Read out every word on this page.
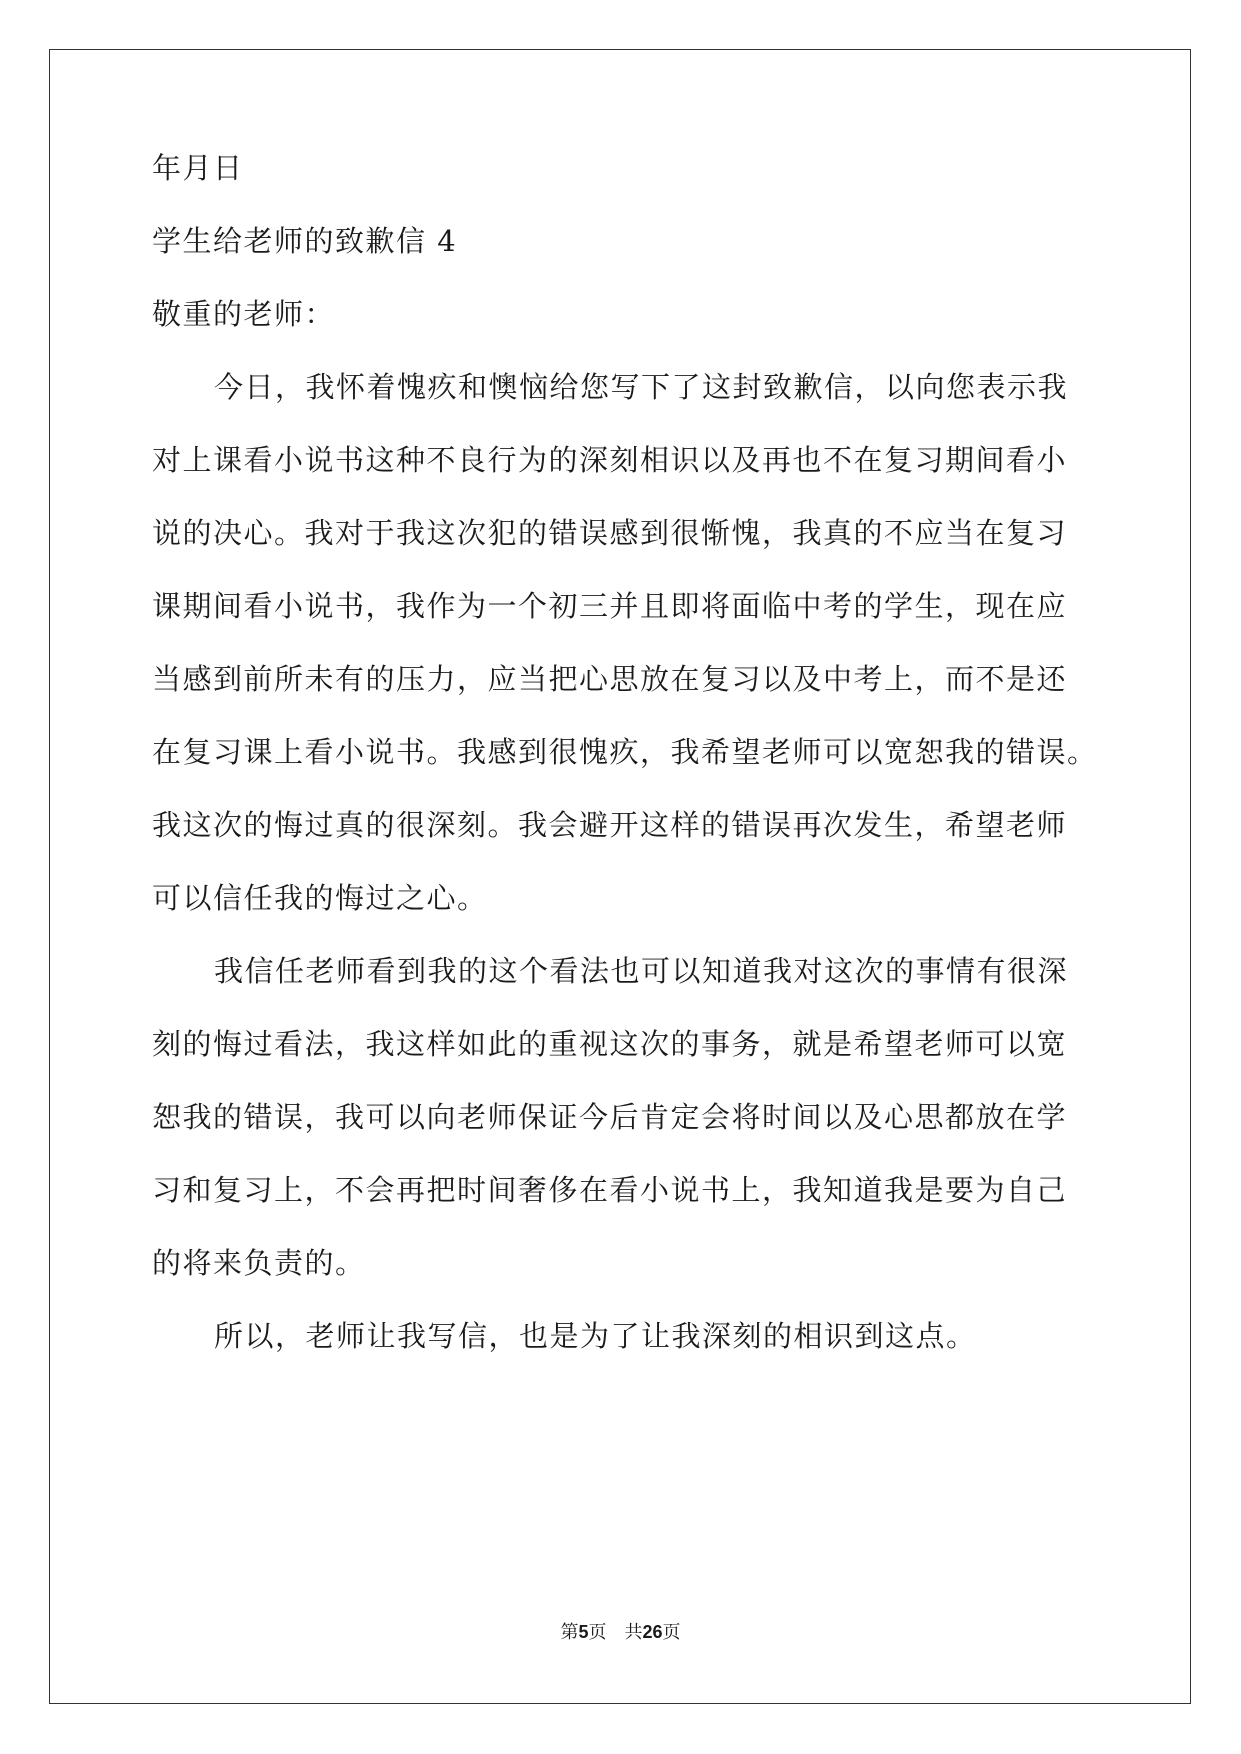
年月日

学生给老师的致歉信 4

敬重的老师：

今日，我怀着愧疚和懊恼给您写下了这封致歉信，以向您表示我

对上课看小说书这种不良行为的深刻相识以及再也不在复习期间看小

说的决心。我对于我这次犯的错误感到很惭愧，我真的不应当在复习

课期间看小说书，我作为一个初三并且即将面临中考的学生，现在应

当感到前所未有的压力，应当把心思放在复习以及中考上，而不是还

在复习课上看小说书。我感到很愧疚，我希望老师可以宽恕我的错误。

我这次的悔过真的很深刻。我会避开这样的错误再次发生，希望老师

可以信任我的悔过之心。

我信任老师看到我的这个看法也可以知道我对这次的事情有很深

刻的悔过看法，我这样如此的重视这次的事务，就是希望老师可以宽

恕我的错误，我可以向老师保证今后肯定会将时间以及心思都放在学

习和复习上，不会再把时间奢侈在看小说书上，我知道我是要为自己

的将来负责的。

所以，老师让我写信，也是为了让我深刻的相识到这点。

第5页 共26页
